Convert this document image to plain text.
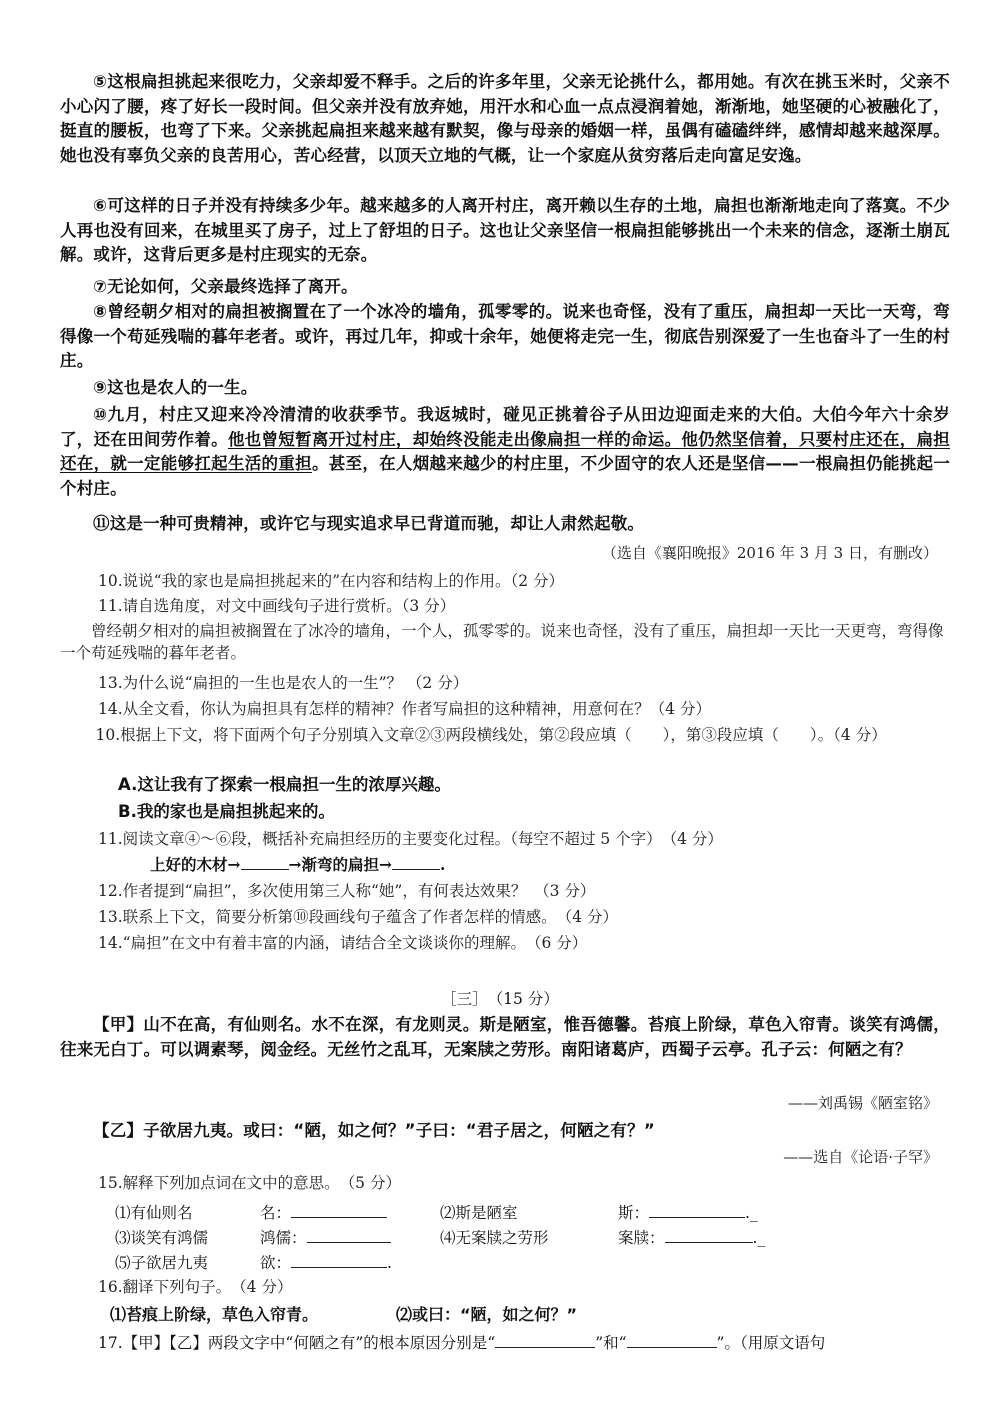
⑤这根扁担挑起来很吃力，父亲却爱不释手。之后的许多年里，父亲无论挑什么，都用她。有次在挑玉米时，父亲不小心闪了腰，疼了好长一段时间。但父亲并没有放弃她，用汗水和心血一点点浸润着她，渐渐地，她坚硬的心被融化了，挺直的腰板，也弯了下来。父亲挑起扁担来越来越有默契，像与母亲的婚姻一样，虽偶有磕磕绊绊，感情却越来越深厚。她也没有辜负父亲的良苦用心，苦心经营，以顶天立地的气概，让一个家庭从贫穷落后走向富足安逸。

⑥可这样的日子并没有持续多少年。越来越多的人离开村庄，离开赖以生存的土地，扁担也渐渐地走向了落寞。不少人再也没有回来，在城里买了房子，过上了舒坦的日子。这也让父亲坚信一根扁担能够挑出一个未来的信念，逐渐土崩瓦解。或许，这背后更多是村庄现实的无奈。

⑦无论如何，父亲最终选择了离开。

⑧曾经朝夕相对的扁担被搁置在了一个冰冷的墙角，孤零零的。说来也奇怪，没有了重压，扁担却一天比一天弯，弯得像一个苟延残喘的暮年老者。或许，再过几年，抑或十余年，她便将走完一生，彻底告别深爱了一生也奋斗了一生的村庄。

⑨这也是农人的一生。

⑩九月，村庄又迎来冷冷清清的收获季节。我返城时，碰见正挑着谷子从田边迎面走来的大伯。大伯今年六十余岁了，还在田间劳作着。他也曾短暂离开过村庄，却始终没能走出像扁担一样的命运。他仍然坚信着，只要村庄还在，扁担还在，就一定能够扛起生活的重担。甚至，在人烟越来越少的村庄里，不少固守的农人还是坚信——一根扁担仍能挑起一个村庄。

⑪这是一种可贵精神，或许它与现实追求早已背道而驰，却让人肃然起敬。

（选自《襄阳晚报》2016 年 3 月 3 日，有删改）

10.说说“我的家也是扁担挑起来的”在内容和结构上的作用。（2 分）

11.请自选角度，对文中画线句子进行赏析。（3 分）

曾经朝夕相对的扁担被搁置在了冰冷的墙角，一个人，孤零零的。说来也奇怪，没有了重压，扁担却一天比一天更弯，弯得像一个苟延残喘的暮年老者。

13.为什么说“扁担的一生也是农人的一生”？ （2 分）

14.从全文看，你认为扁担具有怎样的精神？作者写扁担的这种精神，用意何在？（4 分）

10.根据上下文，将下面两个句子分别填入文章②③两段横线处，第②段应填（　　），第③段应填（　　）。（4 分）

A.这让我有了探索一根扁担一生的浓厚兴趣。

B.我的家也是扁担挑起来的。

11.阅读文章④～⑥段，概括补充扁担经历的主要变化过程。（每空不超过 5 个字）　（4 分）

上好的木材→	→渐弯的扁担→	.

12.作者提到“扁担”，多次使用第三人称“她”，有何表达效果？　（3 分）

13.联系上下文，简要分析第⑩段画线句子蕴含了作者怎样的情感。　（4 分）

14.“扁担”在文中有着丰富的内涵，请结合全文谈谈你的理解。　（6 分）

［三］　（15 分）

【甲】山不在高，有仙则名。水不在深，有龙则灵。斯是陋室，惟吾德馨。苔痕上阶绿，草色入帘青。谈笑有鸿儒，往来无白丁。可以调素琴，阅金经。无丝竹之乱耳，无案牍之劳形。南阳诸葛庐，西蜀子云亭。孔子云：何陋之有？

——刘禹锡《陋室铭》

【乙】子欲居九夷。或曰：“陋，如之何？”子曰：“君子居之，何陋之有？”

——选自《论语·子罕》

15.解释下列加点词在文中的意思。　（5 分）

⑴有仙则名	名：	⑵斯是陋室	斯：	._

⑶谈笑有鸿儒	鸿儒：	⑷无案牍之劳形	案牍：	._

⑸子欲居九夷	欲：	.

16.翻译下列句子。　（4 分）

⑴苔痕上阶绿，草色入帘青。	⑵或曰：“陋，如之何？”

17.【甲】【乙】两段文字中“何陋之有”的根本原因分别是“	”和“	”。（用原文语句
